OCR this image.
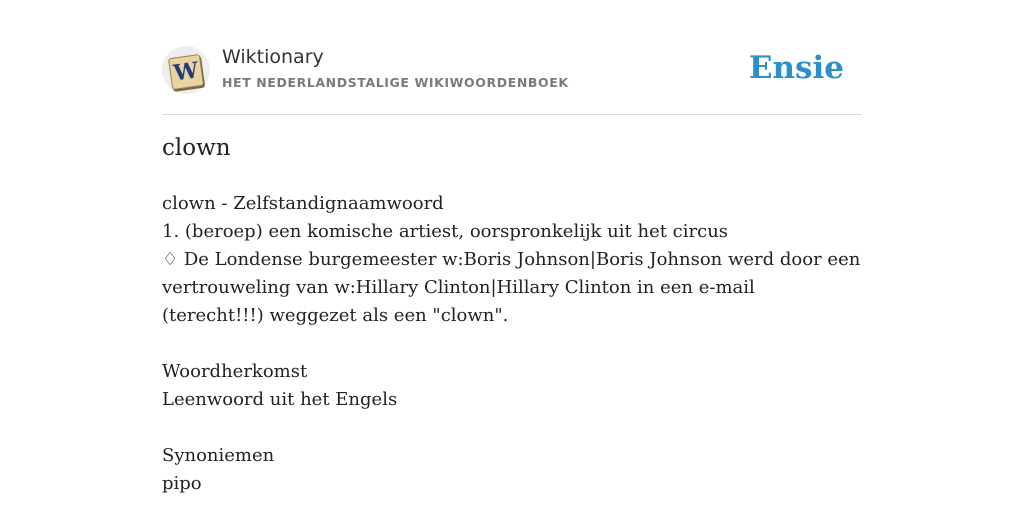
W
Wiktionary
HET NEDERLANDSTALIGE WIKIWOORDENBOEK	Ensie
clown
clown - Zelfstandignaamwoord
1. (beroep) een komische artiest, oorspronkelijk uit het circus
♢ De Londense burgemeester w:Boris Johnson|Boris Johnson werd door een vertrouweling van w:Hillary Clinton|Hillary Clinton in een e-mail (terecht!!!) weggezet als een "clown".
Woordherkomst
Leenwoord uit het Engels
Synoniemen
pipo
